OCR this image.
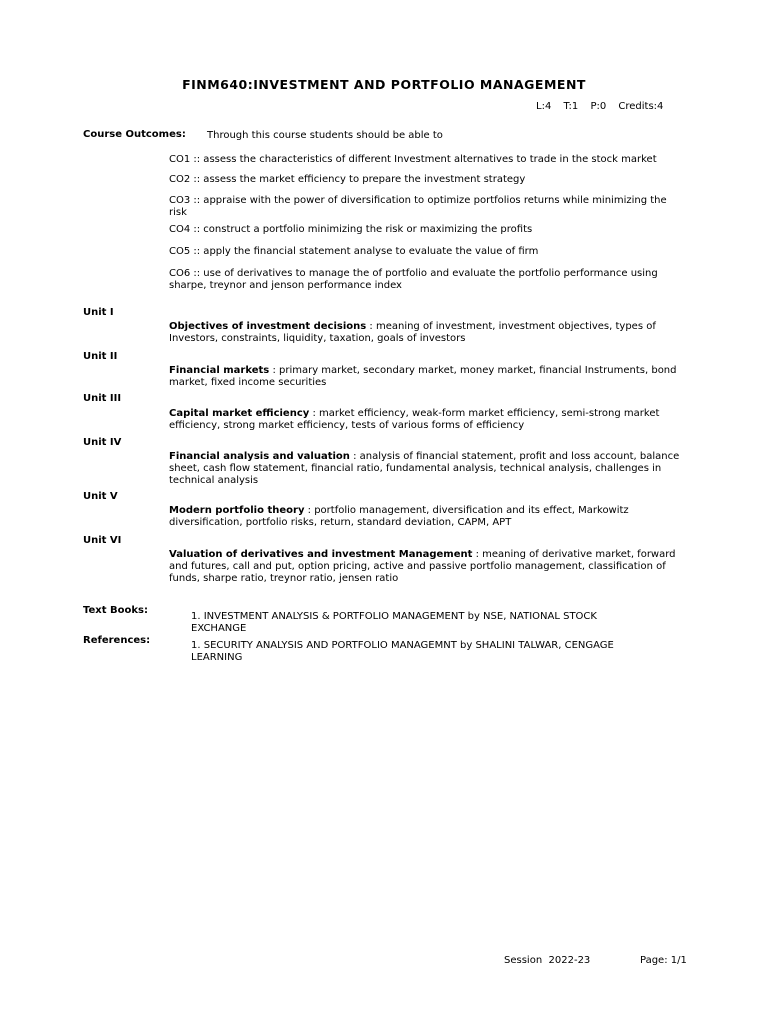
FINM640:INVESTMENT AND PORTFOLIO MANAGEMENT
L:4 T:1 P:0 Credits:4
Course Outcomes: Through this course students should be able to
CO1 :: assess the characteristics of different Investment alternatives to trade in the stock market
CO2 :: assess the market efficiency to prepare the investment strategy
CO3 :: appraise with the power of diversification to optimize portfolios returns while minimizing the risk
CO4 :: construct a portfolio minimizing the risk or maximizing the profits
CO5 :: apply the financial statement analyse to evaluate the value of firm
CO6 :: use of derivatives to manage the of portfolio and evaluate the portfolio performance using sharpe, treynor and jenson performance index
Unit I
Objectives of investment decisions : meaning of investment, investment objectives, types of Investors, constraints, liquidity, taxation, goals of investors
Unit II
Financial markets : primary market, secondary market, money market, financial Instruments, bond market, fixed income securities
Unit III
Capital market efficiency : market efficiency, weak-form market efficiency, semi-strong market efficiency, strong market efficiency, tests of various forms of efficiency
Unit IV
Financial analysis and valuation : analysis of financial statement, profit and loss account, balance sheet, cash flow statement, financial ratio, fundamental analysis, technical analysis, challenges in technical analysis
Unit V
Modern portfolio theory : portfolio management, diversification and its effect, Markowitz diversification, portfolio risks, return, standard deviation, CAPM, APT
Unit VI
Valuation of derivatives and investment Management : meaning of derivative market, forward and futures, call and put, option pricing, active and passive portfolio management, classification of funds, sharpe ratio, treynor ratio, jensen ratio
Text Books:
1. INVESTMENT ANALYSIS & PORTFOLIO MANAGEMENT by NSE, NATIONAL STOCK EXCHANGE
References:	1. SECURITY ANALYSIS AND PORTFOLIO MANAGEMNT by SHALINI TALWAR, CENGAGE LEARNING
Session  2022-23	Page: 1/1
